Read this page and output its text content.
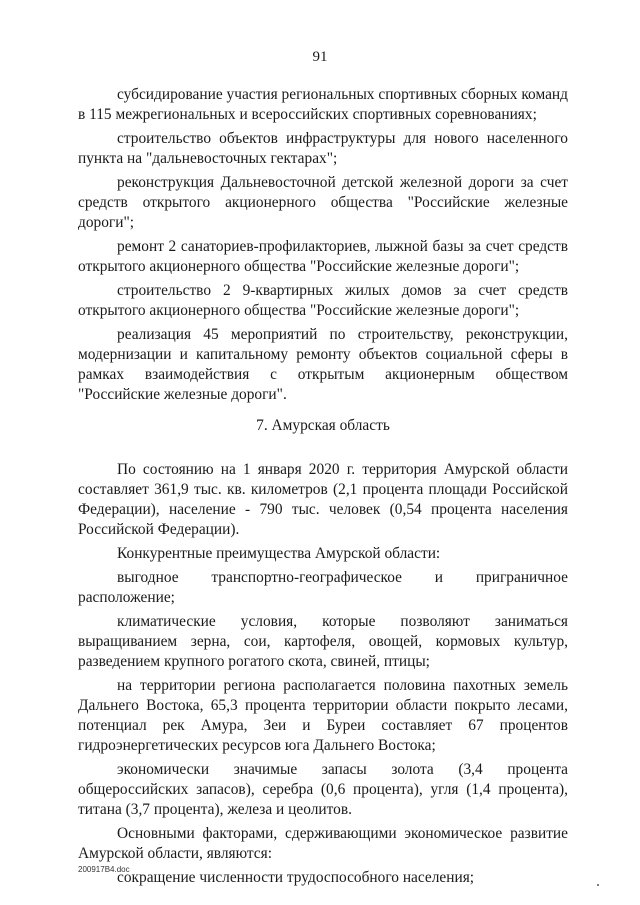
91

субсидирование участия региональных спортивных сборных команд в 115 межрегиональных и всероссийских спортивных соревнованиях;

строительство объектов инфраструктуры для нового населенного пункта на "дальневосточных гектарах";

реконструкция Дальневосточной детской железной дороги за счет средств открытого акционерного общества "Российские железные дороги";

ремонт 2 санаториев-профилакториев, лыжной базы за счет средств открытого акционерного общества "Российские железные дороги";

строительство 2 9-квартирных жилых домов за счет средств открытого акционерного общества "Российские железные дороги";

реализация 45 мероприятий по строительству, реконструкции, модернизации и капитальному ремонту объектов социальной сферы в рамках взаимодействия с открытым акционерным обществом "Российские железные дороги".

7. Амурская область

По состоянию на 1 января 2020 г. территория Амурской области составляет 361,9 тыс. кв. километров (2,1 процента площади Российской Федерации), население - 790 тыс. человек (0,54 процента населения Российской Федерации).

Конкурентные преимущества Амурской области:

выгодное транспортно-географическое и приграничное расположение;

климатические условия, которые позволяют заниматься выращиванием зерна, сои, картофеля, овощей, кормовых культур, разведением крупного рогатого скота, свиней, птицы;

на территории региона располагается половина пахотных земель Дальнего Востока, 65,3 процента территории области покрыто лесами, потенциал рек Амура, Зеи и Буреи составляет 67 процентов гидроэнергетических ресурсов юга Дальнего Востока;

экономически значимые запасы золота (3,4 процента общероссийских запасов), серебра (0,6 процента), угля (1,4 процента), титана (3,7 процента), железа и цеолитов.

Основными факторами, сдерживающими экономическое развитие Амурской области, являются:

сокращение численности трудоспособного населения;

200917B4.doc
